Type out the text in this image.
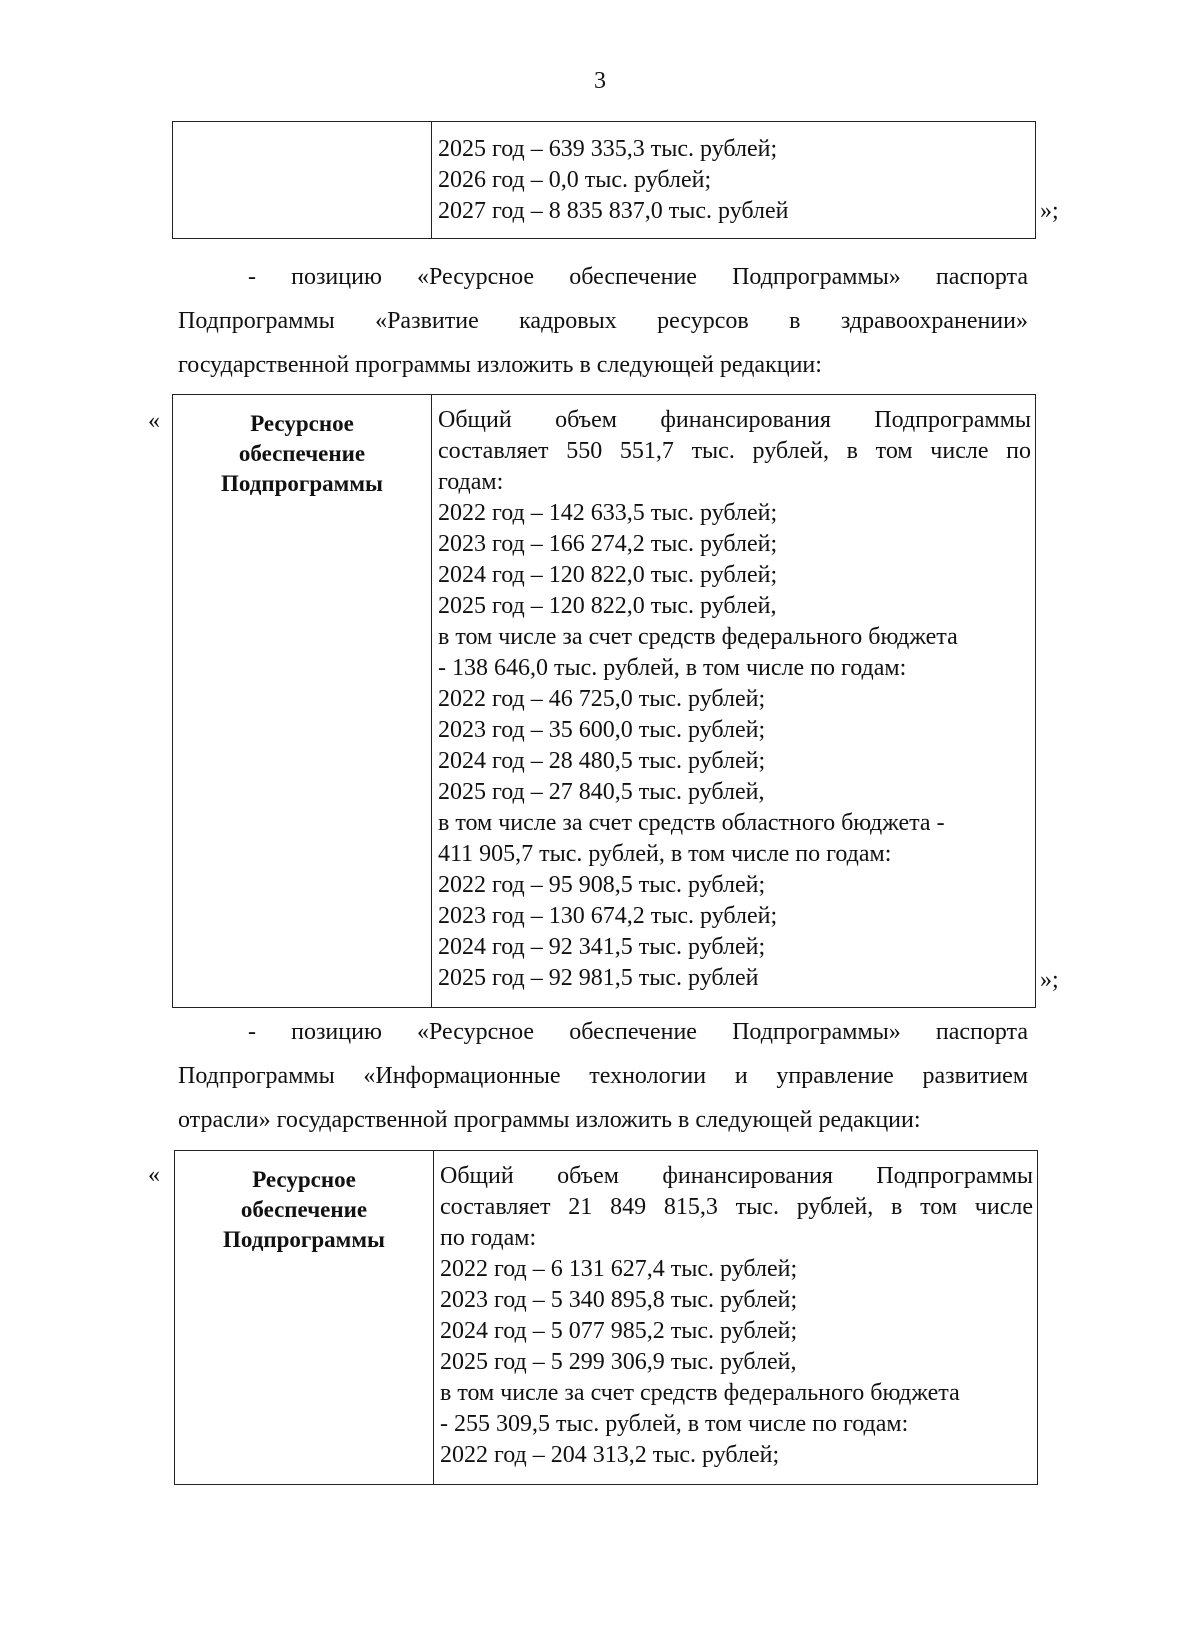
3

2025 год – 639 335,3 тыс. рублей;
2026 год – 0,0 тыс. рублей;
2027 год – 8 835 837,0 тыс. рублей	»;
- позицию «Ресурсное обеспечение Подпрограммы» паспорта
Подпрограммы «Развитие кадровых ресурсов в здравоохранении»
государственной программы изложить в следующей редакции:
«	Ресурсное
обеспечение
Подпрограммы

Общий объем финансирования Подпрограммы
составляет 550 551,7 тыс. рублей, в том числе по
годам:
2022 год – 142 633,5 тыс. рублей;
2023 год – 166 274,2 тыс. рублей;
2024 год – 120 822,0 тыс. рублей;
2025 год – 120 822,0 тыс. рублей,
в том числе за счет средств федерального бюджета
- 138 646,0 тыс. рублей, в том числе по годам:
2022 год – 46 725,0 тыс. рублей;
2023 год – 35 600,0 тыс. рублей;
2024 год – 28 480,5 тыс. рублей;
2025 год – 27 840,5 тыс. рублей,
в том числе за счет средств областного бюджета -
411 905,7 тыс. рублей, в том числе по годам:
2022 год – 95 908,5 тыс. рублей;
2023 год – 130 674,2 тыс. рублей;
2024 год – 92 341,5 тыс. рублей;
2025 год – 92 981,5 тыс. рублей	»;
- позицию «Ресурсное обеспечение Подпрограммы» паспорта
Подпрограммы «Информационные технологии и управление развитием
отрасли» государственной программы изложить в следующей редакции:
«	Ресурсное
обеспечение
Подпрограммы

Общий объем финансирования Подпрограммы
составляет 21 849 815,3 тыс. рублей, в том числе
по годам:
2022 год – 6 131 627,4 тыс. рублей;
2023 год – 5 340 895,8 тыс. рублей;
2024 год – 5 077 985,2 тыс. рублей;
2025 год – 5 299 306,9 тыс. рублей,
в том числе за счет средств федерального бюджета
- 255 309,5 тыс. рублей, в том числе по годам:
2022 год – 204 313,2 тыс. рублей;
